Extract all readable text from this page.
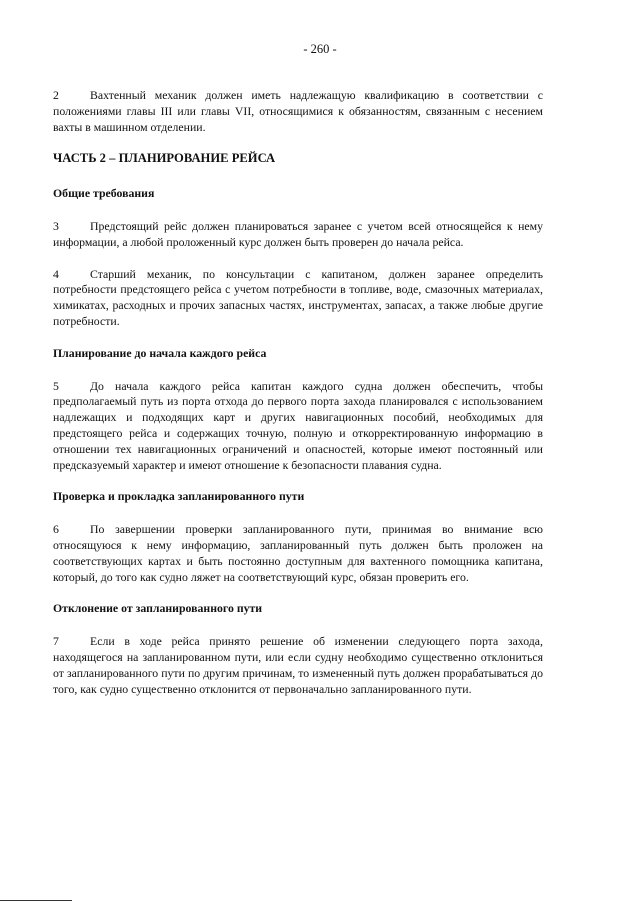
- 260 -

2	Вахтенный механик должен иметь надлежащую квалификацию в соответствии с положениями главы III или главы VII, относящимися к обязанностям, связанным с несением вахты в машинном отделении.

ЧАСТЬ 2 – ПЛАНИРОВАНИЕ РЕЙСА
Общие требования

3	Предстоящий рейс должен планироваться заранее с учетом всей относящейся к нему информации, а любой проложенный курс должен быть проверен до начала рейса.

4	Старший механик, по консультации с капитаном, должен заранее определить потребности предстоящего рейса с учетом потребности в топливе, воде, смазочных материалах, химикатах, расходных и прочих запасных частях, инструментах, запасах, а также любые другие потребности.

Планирование до начала каждого рейса

5	До начала каждого рейса капитан каждого судна должен обеспечить, чтобы предполагаемый путь из порта отхода до первого порта захода планировался с использованием надлежащих и подходящих карт и других навигационных пособий, необходимых для предстоящего рейса и содержащих точную, полную и откорректированную информацию в отношении тех навигационных ограничений и опасностей, которые имеют постоянный или предсказуемый характер и имеют отношение к безопасности плавания судна.

Проверка и прокладка запланированного пути

6	По завершении проверки запланированного пути, принимая во внимание всю относящуюся к нему информацию, запланированный путь должен быть проложен на соответствующих картах и быть постоянно доступным для вахтенного помощника капитана, который, до того как судно ляжет на соответствующий курс, обязан проверить его.

Отклонение от запланированного пути

7	Если в ходе рейса принято решение об изменении следующего порта захода, находящегося на запланированном пути, или если судну необходимо существенно отклониться от запланированного пути по другим причинам, то измененный путь должен прорабатываться до того, как судно существенно отклонится от первоначально запланированного пути.
